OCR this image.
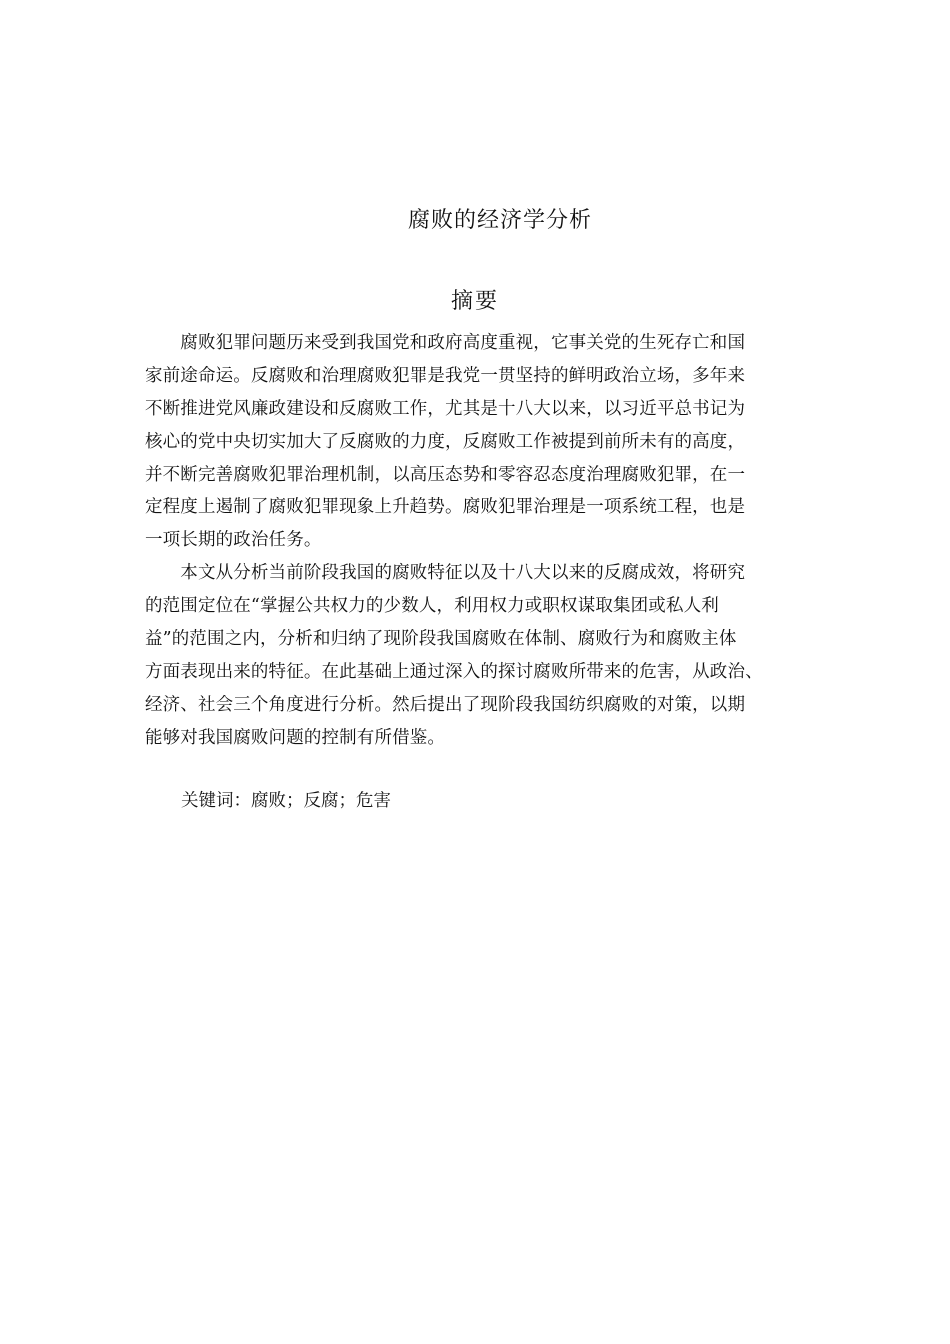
腐败的经济学分析
摘要
　　腐败犯罪问题历来受到我国党和政府高度重视，它事关党的生死存亡和国
家前途命运。反腐败和治理腐败犯罪是我党一贯坚持的鲜明政治立场，多年来
不断推进党风廉政建设和反腐败工作，尤其是十八大以来，以习近平总书记为
核心的党中央切实加大了反腐败的力度，反腐败工作被提到前所未有的高度，
并不断完善腐败犯罪治理机制，以高压态势和零容忍态度治理腐败犯罪，在一
定程度上遏制了腐败犯罪现象上升趋势。腐败犯罪治理是一项系统工程，也是
一项长期的政治任务。
　　本文从分析当前阶段我国的腐败特征以及十八大以来的反腐成效，将研究
的范围定位在“掌握公共权力的少数人，利用权力或职权谋取集团或私人利
益”的范围之内，分析和归纳了现阶段我国腐败在体制、腐败行为和腐败主体
方面表现出来的特征。在此基础上通过深入的探讨腐败所带来的危害，从政治、
经济、社会三个角度进行分析。然后提出了现阶段我国纺织腐败的对策，以期
能够对我国腐败问题的控制有所借鉴。
关键词：腐败；反腐；危害
